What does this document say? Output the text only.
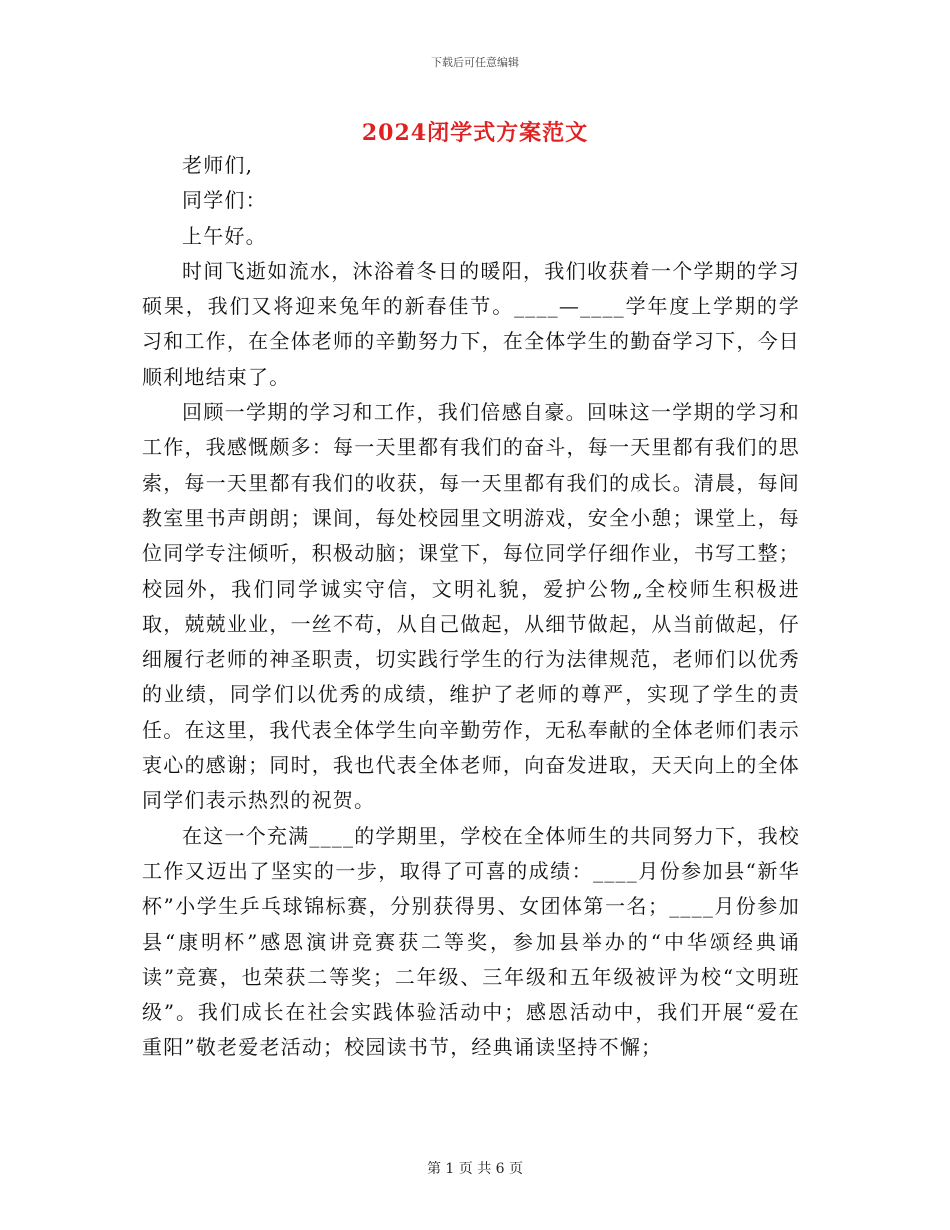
下载后可任意编辑
2024闭学式方案范文

老师们,

同学们：

上午好。

时间飞逝如流水，沐浴着冬日的暖阳，我们收获着一个学期的学习硕果，我们又将迎来兔年的新春佳节。____—____学年度上学期的学习和工作，在全体老师的辛勤努力下，在全体学生的勤奋学习下，今日顺利地结束了。

回顾一学期的学习和工作，我们倍感自豪。回味这一学期的学习和工作，我感慨颇多：每一天里都有我们的奋斗，每一天里都有我们的思索，每一天里都有我们的收获，每一天里都有我们的成长。清晨，每间教室里书声朗朗；课间，每处校园里文明游戏，安全小憩；课堂上，每位同学专注倾听，积极动脑；课堂下，每位同学仔细作业，书写工整；校园外，我们同学诚实守信，文明礼貌，爱护公物„全校师生积极进取，兢兢业业，一丝不苟，从自己做起，从细节做起，从当前做起，仔细履行老师的神圣职责，切实践行学生的行为法律规范，老师们以优秀的业绩，同学们以优秀的成绩，维护了老师的尊严，实现了学生的责任。在这里，我代表全体学生向辛勤劳作，无私奉献的全体老师们表示衷心的感谢；同时，我也代表全体老师，向奋发进取，天天向上的全体同学们表示热烈的祝贺。

在这一个充满____的学期里，学校在全体师生的共同努力下，我校工作又迈出了坚实的一步，取得了可喜的成绩：____月份参加县“新华杯”小学生乒乓球锦标赛，分别获得男、女团体第一名；____月份参加县“康明杯”感恩演讲竞赛获二等奖，参加县举办的“中华颂经典诵读”竞赛，也荣获二等奖；二年级、三年级和五年级被评为校“文明班级”。我们成长在社会实践体验活动中；感恩活动中，我们开展“爱在重阳”敬老爱老活动；校园读书节，经典诵读坚持不懈；

第 1 页 共 6 页
